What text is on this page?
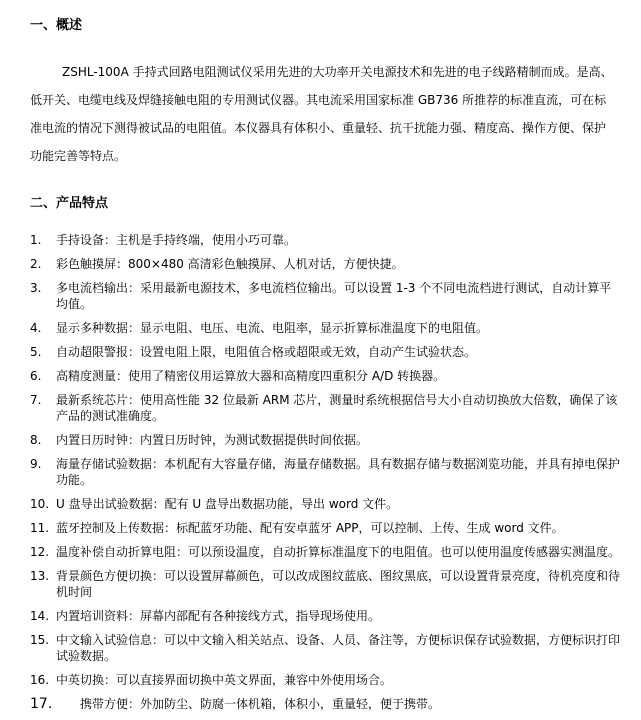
一、概述
ZSHL-100A 手持式回路电阻测试仪采用先进的大功率开关电源技术和先进的电子线路精制而成。是高、低开关、电缆电线及焊缝接触电阻的专用测试仪器。其电流采用国家标准 GB736 所推荐的标准直流，可在标准电流的情况下测得被试品的电阻值。本仪器具有体积小、重量轻、抗干扰能力强、精度高、操作方便、保护功能完善等特点。
二、产品特点
1.	手持设备：主机是手持终端，使用小巧可靠。
2.	彩色触摸屏：800×480 高清彩色触摸屏、人机对话，方便快捷。
3.	多电流档输出：采用最新电源技术，多电流档位输出。可以设置 1-3 个不同电流档进行测试，自动计算平均值。
4.	显示多种数据：显示电阻、电压、电流、电阻率，显示折算标准温度下的电阻值。
5.	自动超限警报：设置电阻上限，电阻值合格或超限或无效，自动产生试验状态。
6.	高精度测量：使用了精密仪用运算放大器和高精度四重积分 A/D 转换器。
7.	最新系统芯片：使用高性能 32 位最新 ARM 芯片，测量时系统根据信号大小自动切换放大倍数，确保了该产品的测试准确度。
8.	内置日历时钟：内置日历时钟，为测试数据提供时间依据。
9.	海量存储试验数据：本机配有大容量存储，海量存储数据。具有数据存储与数据浏览功能，并具有掉电保护功能。
10. U 盘导出试验数据：配有 U 盘导出数据功能，导出 word 文件。
11. 蓝牙控制及上传数据：标配蓝牙功能、配有安卓蓝牙 APP，可以控制、上传、生成 word 文件。
12. 温度补偿自动折算电阻：可以预设温度，自动折算标准温度下的电阻值。也可以使用温度传感器实测温度。
13. 背景颜色方便切换：可以设置屏幕颜色，可以改成图纹蓝底、图纹黑底，可以设置背景亮度，待机亮度和待机时间
14. 内置培训资料：屏幕内部配有各种接线方式，指导现场使用。
15. 中文输入试验信息：可以中文输入相关站点、设备、人员、备注等，方便标识保存试验数据，方便标识打印试验数据。
16. 中英切换：可以直接界面切换中英文界面，兼容中外使用场合。
17.	携带方便：外加防尘、防腐一体机箱，体积小，重量轻，便于携带。
